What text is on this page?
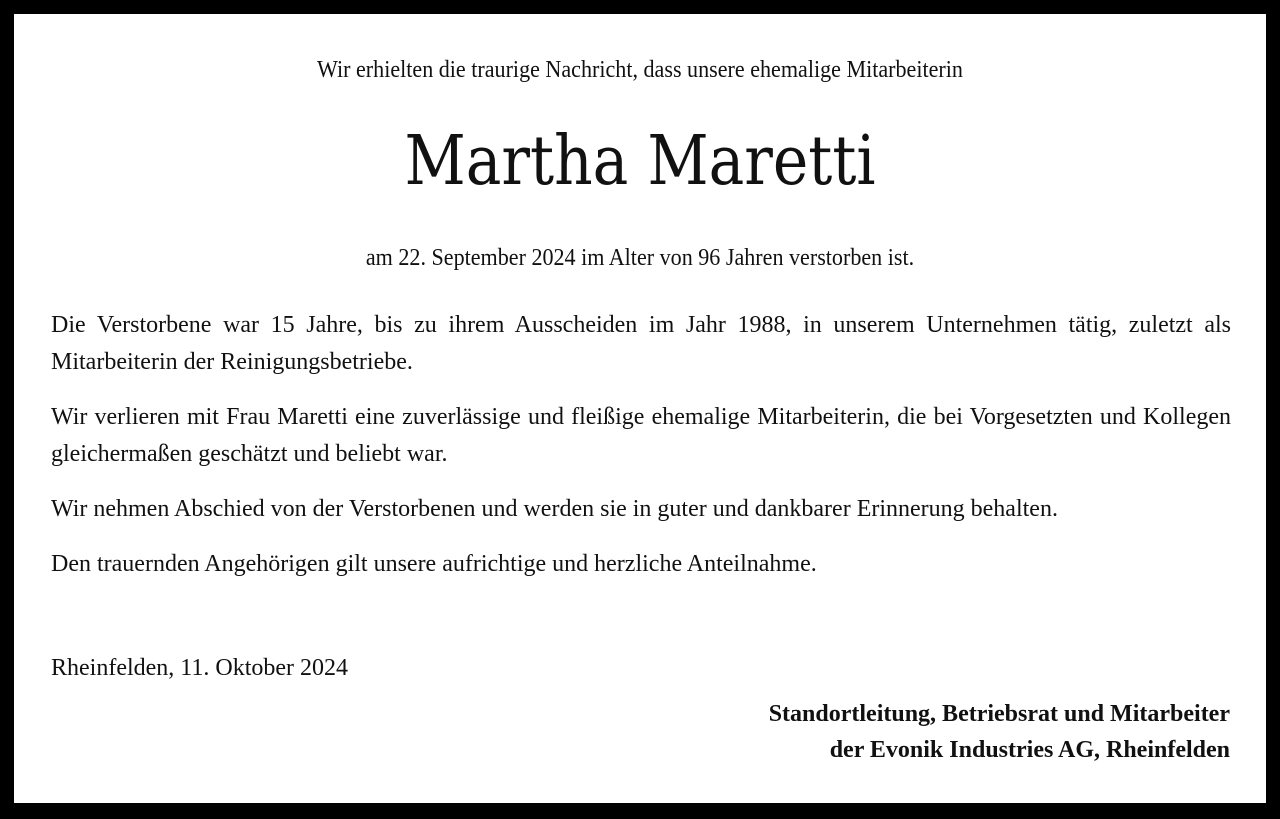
Wir erhielten die traurige Nachricht, dass unsere ehemalige Mitarbeiterin
Martha Maretti
am 22. September 2024 im Alter von 96 Jahren verstorben ist.

Die Verstorbene war 15 Jahre, bis zu ihrem Ausscheiden im Jahr 1988, in unserem Unternehmen tätig, zuletzt als Mitarbeiterin der Reinigungsbetriebe.

Wir verlieren mit Frau Maretti eine zuverlässige und fleißige ehemalige Mitarbeiterin, die bei Vorgesetzten und Kollegen gleichermaßen geschätzt und beliebt war.

Wir nehmen Abschied von der Verstorbenen und werden sie in guter und dankbarer Erinnerung behalten.

Den trauernden Angehörigen gilt unsere aufrichtige und herzliche Anteilnahme.

Rheinfelden, 11. Oktober 2024
Standortleitung, Betriebsrat und Mitarbeiter
der Evonik Industries AG, Rheinfelden
